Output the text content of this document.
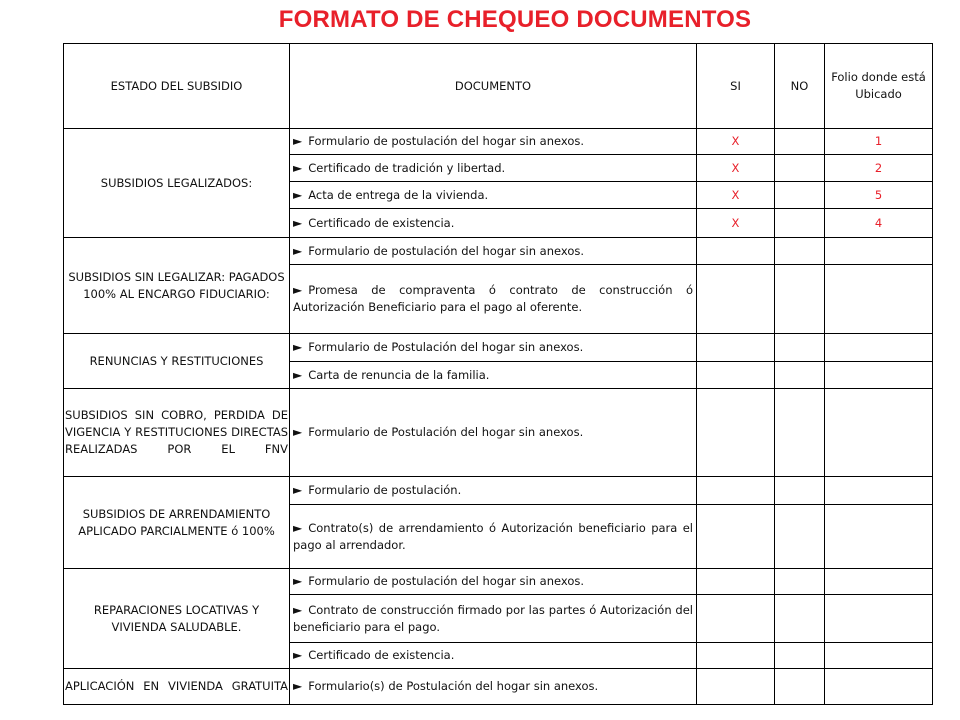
FORMATO DE CHEQUEO DOCUMENTOS
ESTADO DEL SUBSIDIO	DOCUMENTO	SI	NO	Folio donde está Ubicado
SUBSIDIOS LEGALIZADOS:	► Formulario de postulación del hogar sin anexos.	X		1
	► Certificado de tradición y libertad.	X		2
	► Acta de entrega de la vivienda.	X		5
	► Certificado de existencia.	X		4
SUBSIDIOS SIN LEGALIZAR: PAGADOS 100% AL ENCARGO FIDUCIARIO:	► Formulario de postulación del hogar sin anexos.			
	► Promesa de compraventa ó contrato de construcción ó Autorización Beneficiario para el pago al oferente.			
RENUNCIAS Y RESTITUCIONES	► Formulario de Postulación del hogar sin anexos.			
	► Carta de renuncia de la familia.			
SUBSIDIOS SIN COBRO, PERDIDA DE VIGENCIA Y RESTITUCIONES DIRECTAS REALIZADAS POR EL FNV	► Formulario de Postulación del hogar sin anexos.			
SUBSIDIOS DE ARRENDAMIENTO APLICADO PARCIALMENTE ó 100%	► Formulario de postulación.			
	► Contrato(s) de arrendamiento ó Autorización beneficiario para el pago al arrendador.			
REPARACIONES LOCATIVAS Y VIVIENDA SALUDABLE.	► Formulario de postulación del hogar sin anexos.			
	► Contrato de construcción firmado por las partes ó Autorización del beneficiario para el pago.			
	► Certificado de existencia.			
APLICACIÓN EN VIVIENDA GRATUITA	► Formulario(s) de Postulación del hogar sin anexos.			
